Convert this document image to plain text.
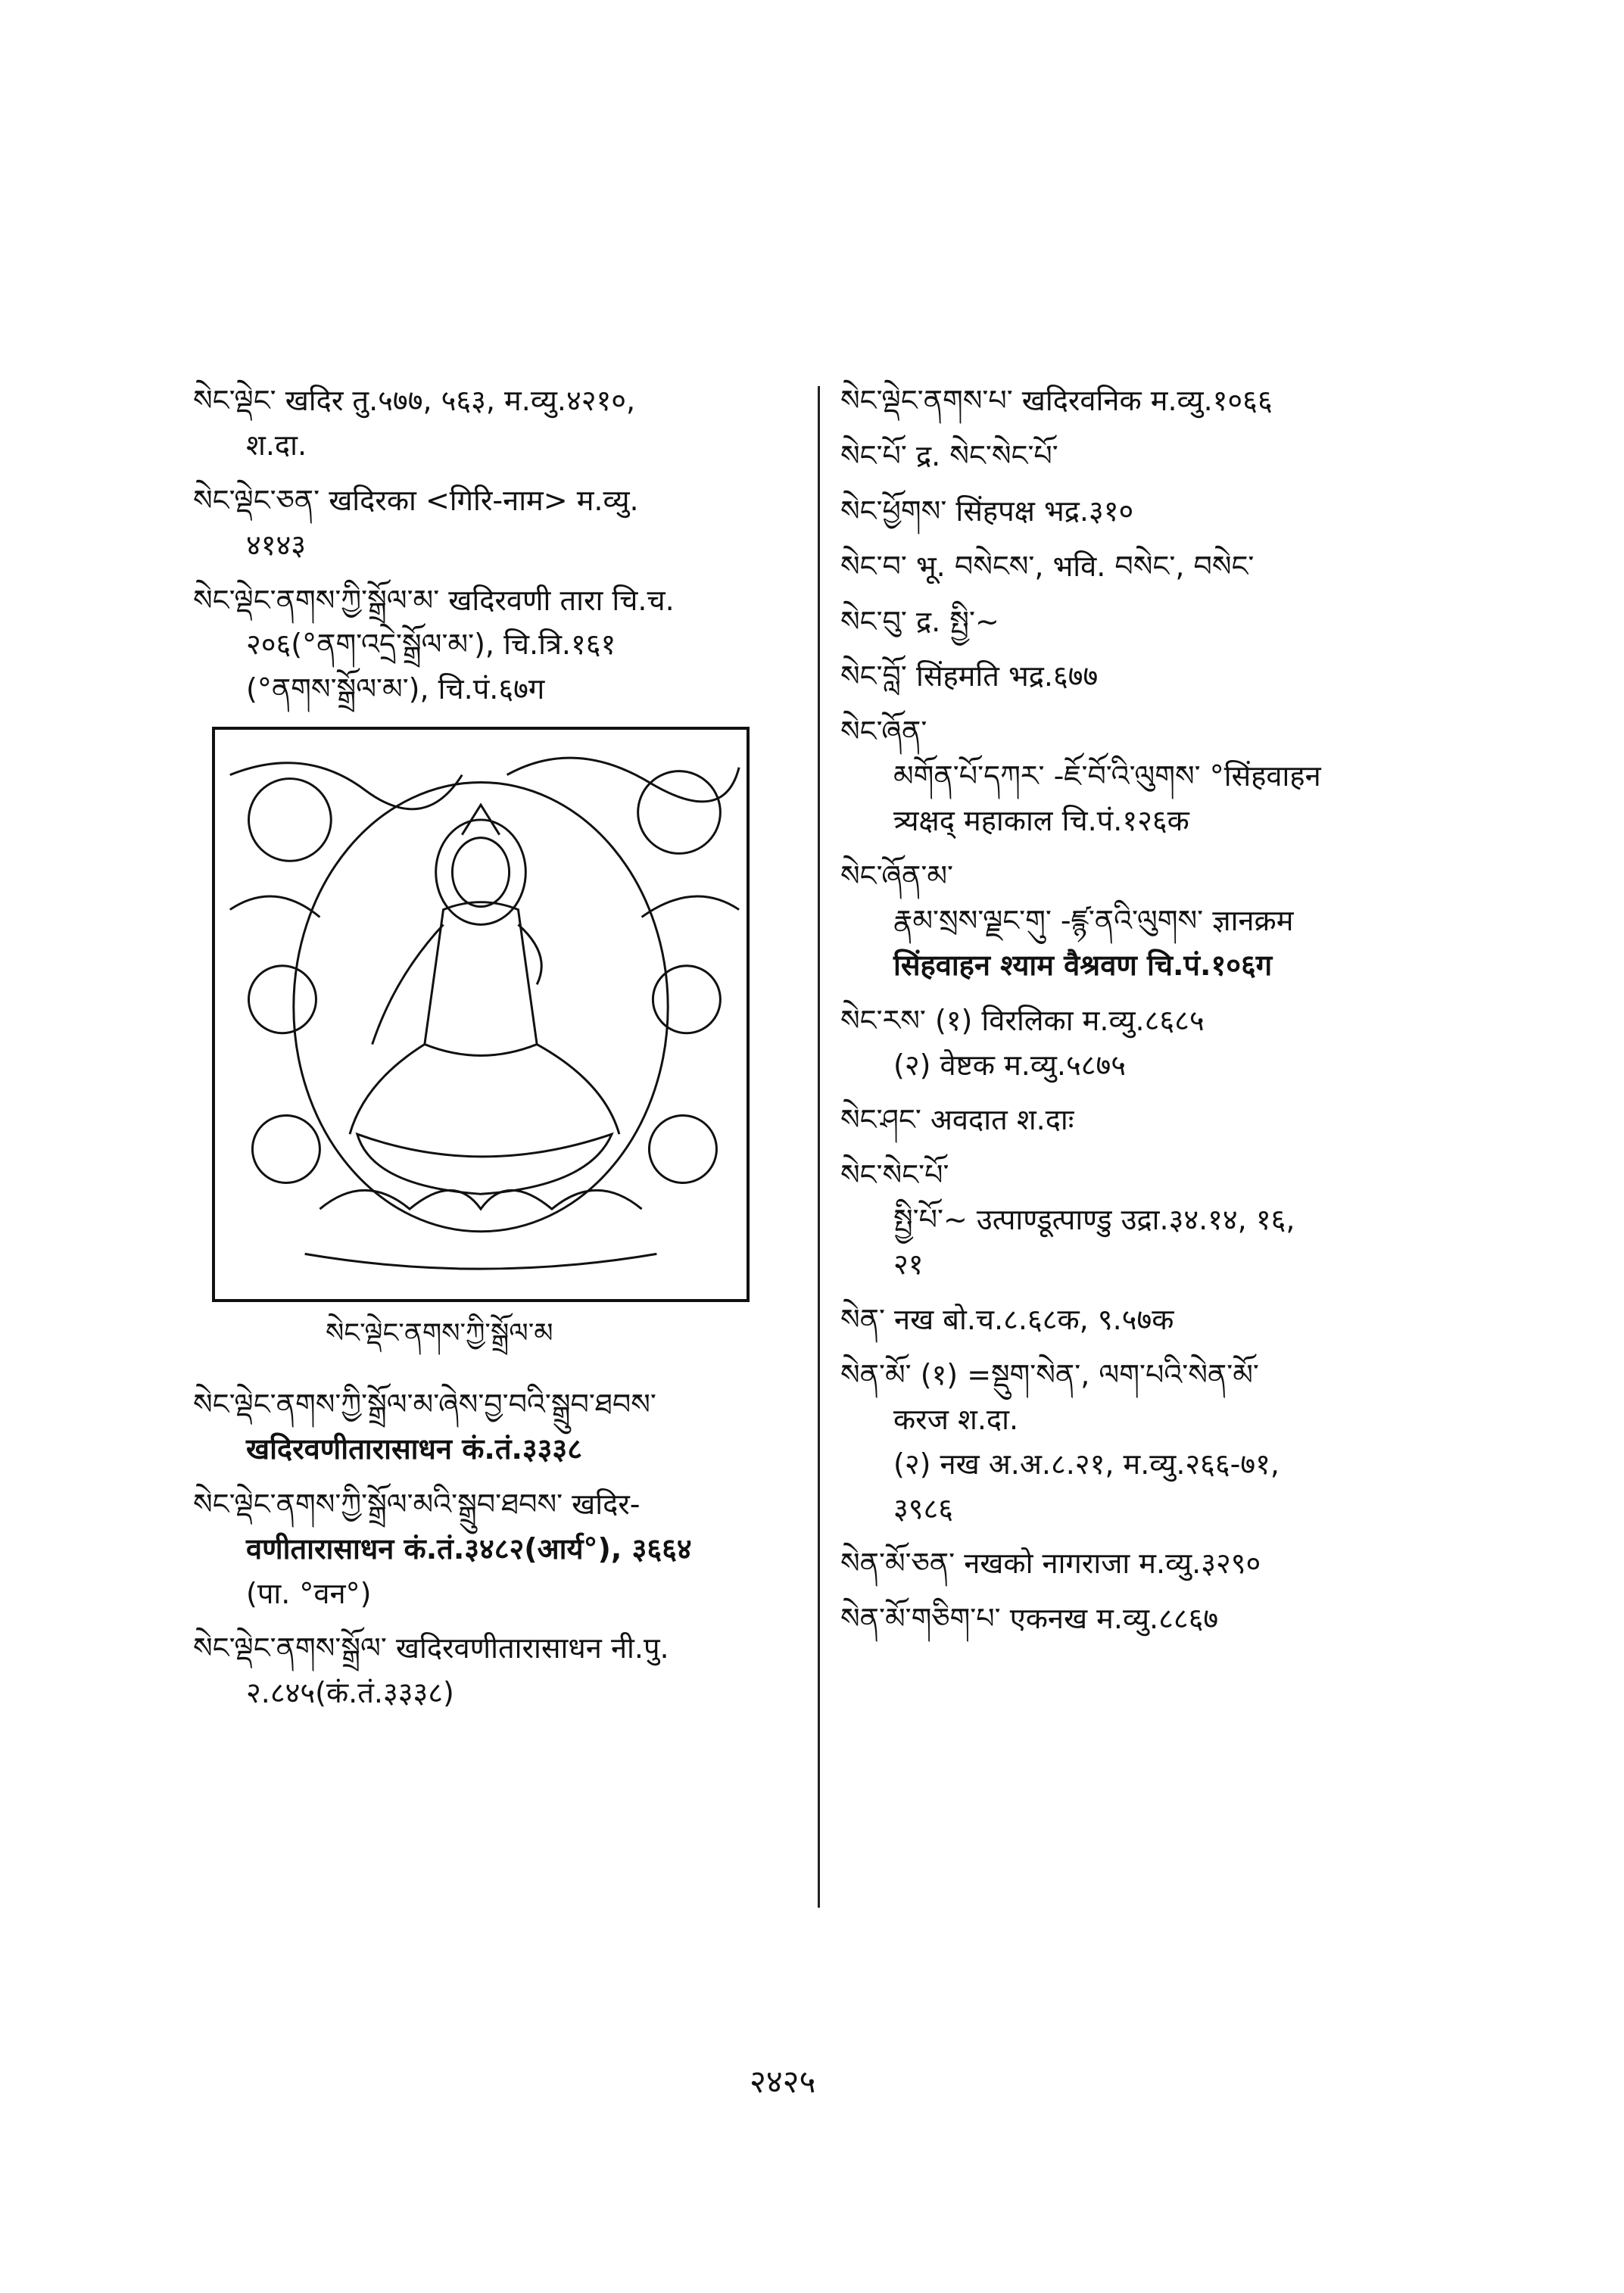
སེང་ལྡེང་ खदिर तु.५७७, ५६३, म.व्यु.४२१०,
श.दा.
སེང་ལྡེང་ཅན་ खदिरका <गिरि-नाम> म.व्यु.
४१४३
སེང་ལྡེང་ནགས་ཀྱི་སྒྲོལ་མ་ खदिरवणी तारा चि.च.
२०६(°ནག་འདྲེ་སྒྲོལ་མ་), चि.त्रि.१६१
(°ནགས་སྒྲོལ་མ་), चि.पं.६७ग
སེང་ལྡེང་ནགས་ཀྱི་སྒྲོལ་མ
སེང་ལྡེང་ནགས་ཀྱི་སྒྲོལ་མ་ཞེས་བྱ་བའི་སྒྲུབ་ཐབས་
खदिरवणीतारासाधन कं.तं.३३३८
སེང་ལྡེང་ནགས་ཀྱི་སྒྲོལ་མའི་སྒྲུབ་ཐབས་ खदिर-
वणीतारासाधन कं.तं.३४८२(आर्य°), ३६६४
(पा. °वन°)
སེང་ལྡེང་ནགས་སྒྲོལ་ खदिरवणीतारासाधन नी.पु.
२.८४५(कं.तं.३३३८)
སེང་ལྡེང་ནགས་པ་ खदिरवनिक म.व्यु.१०६६
སེང་པོ་ द्र. སེང་སེང་པོ་
སེང་ཕྱོགས་ सिंहपक्ष भद्र.३१०
སེང་བ་ भू. བསེངས་, भवि. བསེང་, བསེང་
སེང་བུ་ द्र. སྤྱི་~
སེང་བློ་ सिंहमति भद्र.६७७
སེང་ཞོན་
མགོན་པོ་དཀར་ -ཇོ་བོ་འི་ལུགས་ °सिंहवाहन
त्र्यक्षद् महाकाल चि.पं.१२६क
སེང་ཞོན་མ་
རྣམ་སྲས་ལྗང་གུ་ -ཛྙ་ནའི་ལུགས་ ज्ञानक्रम
सिंहवाहन श्याम वैश्रवण चि.पं.१०६ग
སེང་རས་ (१) विरलिका म.व्यु.८६८५
(२) वेष्टक म.व्यु.५८७५
སེང་ཤང་ अवदात श.दाः
སེང་སེང་པོ་
སྤྱི་པོ་~ उत्पाण्डूत्पाण्डु उद्रा.३४.१४, १६,
२१
སེན་ नख बो.च.८.६८क, ९.५७क
སེན་མོ་ (१) =སྡུག་སེན་, ལག་པའི་སེན་མོ་
करज श.दा.
(२) नख अ.अ.८.२१, म.व्यु.२६६-७१,
३९८६
སེན་མོ་ཅན་ नखको नागराजा म.व्यु.३२९०
སེན་མོ་གཅིག་པ་ एकनख म.व्यु.८८६७
२४२५
